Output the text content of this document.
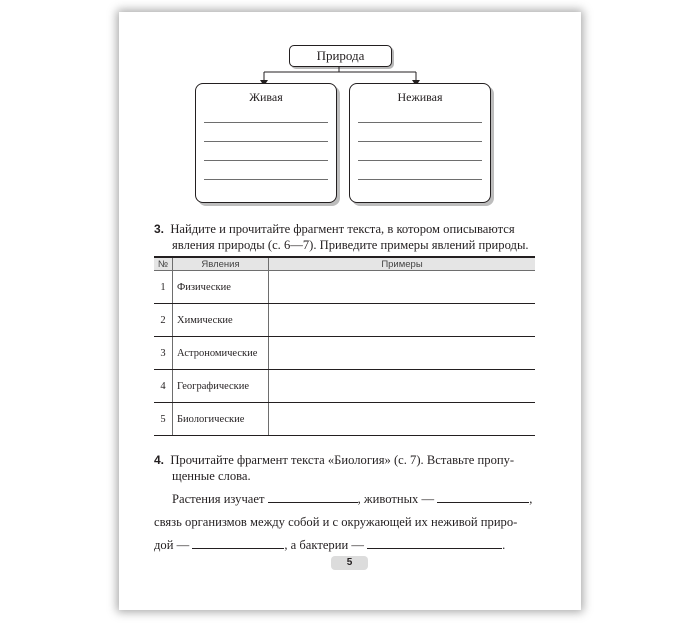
Природа
Живая	Неживая
3. Найдите и прочитайте фрагмент текста, в котором описываются
явления природы (с. 6—7). Приведите примеры явлений природы.
№	Явления	Примеры
1	Физические	
2	Химические	
3	Астрономические	
4	Географические	
5	Биологические	
4. Прочитайте фрагмент текста «Биология» (с. 7). Вставьте пропу-
щенные слова.
Растения изучает	, животных —	,
связь организмов между собой и с окружающей их неживой приро-
дой —	, а бактерии —	.
5
